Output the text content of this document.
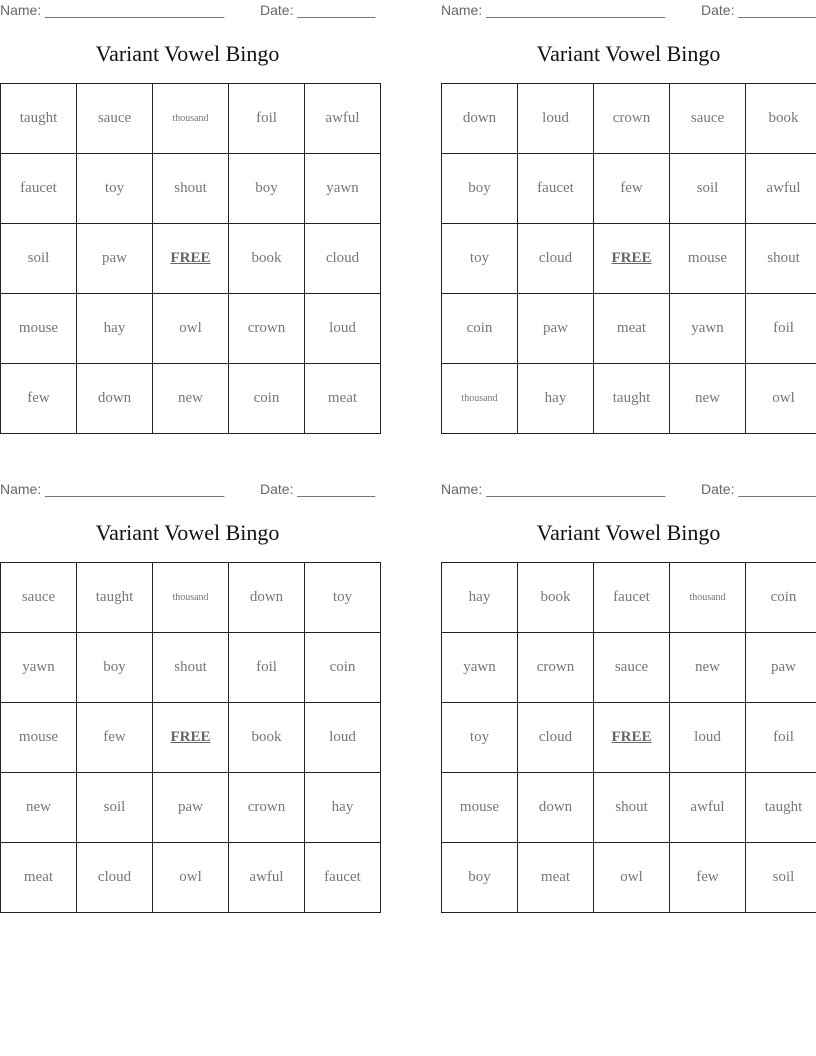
Name: _______________________	Date: __________
Variant Vowel Bingo
taught	sauce	thousand	foil	awful
faucet	toy	shout	boy	yawn
soil	paw	FREE	book	cloud
mouse	hay	owl	crown	loud
few	down	new	coin	meat
Name: _______________________	Date: __________
Variant Vowel Bingo
down	loud	crown	sauce	book
boy	faucet	few	soil	awful
toy	cloud	FREE	mouse	shout
coin	paw	meat	yawn	foil
thousand	hay	taught	new	owl
Name: _______________________	Date: __________
Variant Vowel Bingo
sauce	taught	thousand	down	toy
yawn	boy	shout	foil	coin
mouse	few	FREE	book	loud
new	soil	paw	crown	hay
meat	cloud	owl	awful	faucet
Name: _______________________	Date: __________
Variant Vowel Bingo
hay	book	faucet	thousand	coin
yawn	crown	sauce	new	paw
toy	cloud	FREE	loud	foil
mouse	down	shout	awful	taught
boy	meat	owl	few	soil
